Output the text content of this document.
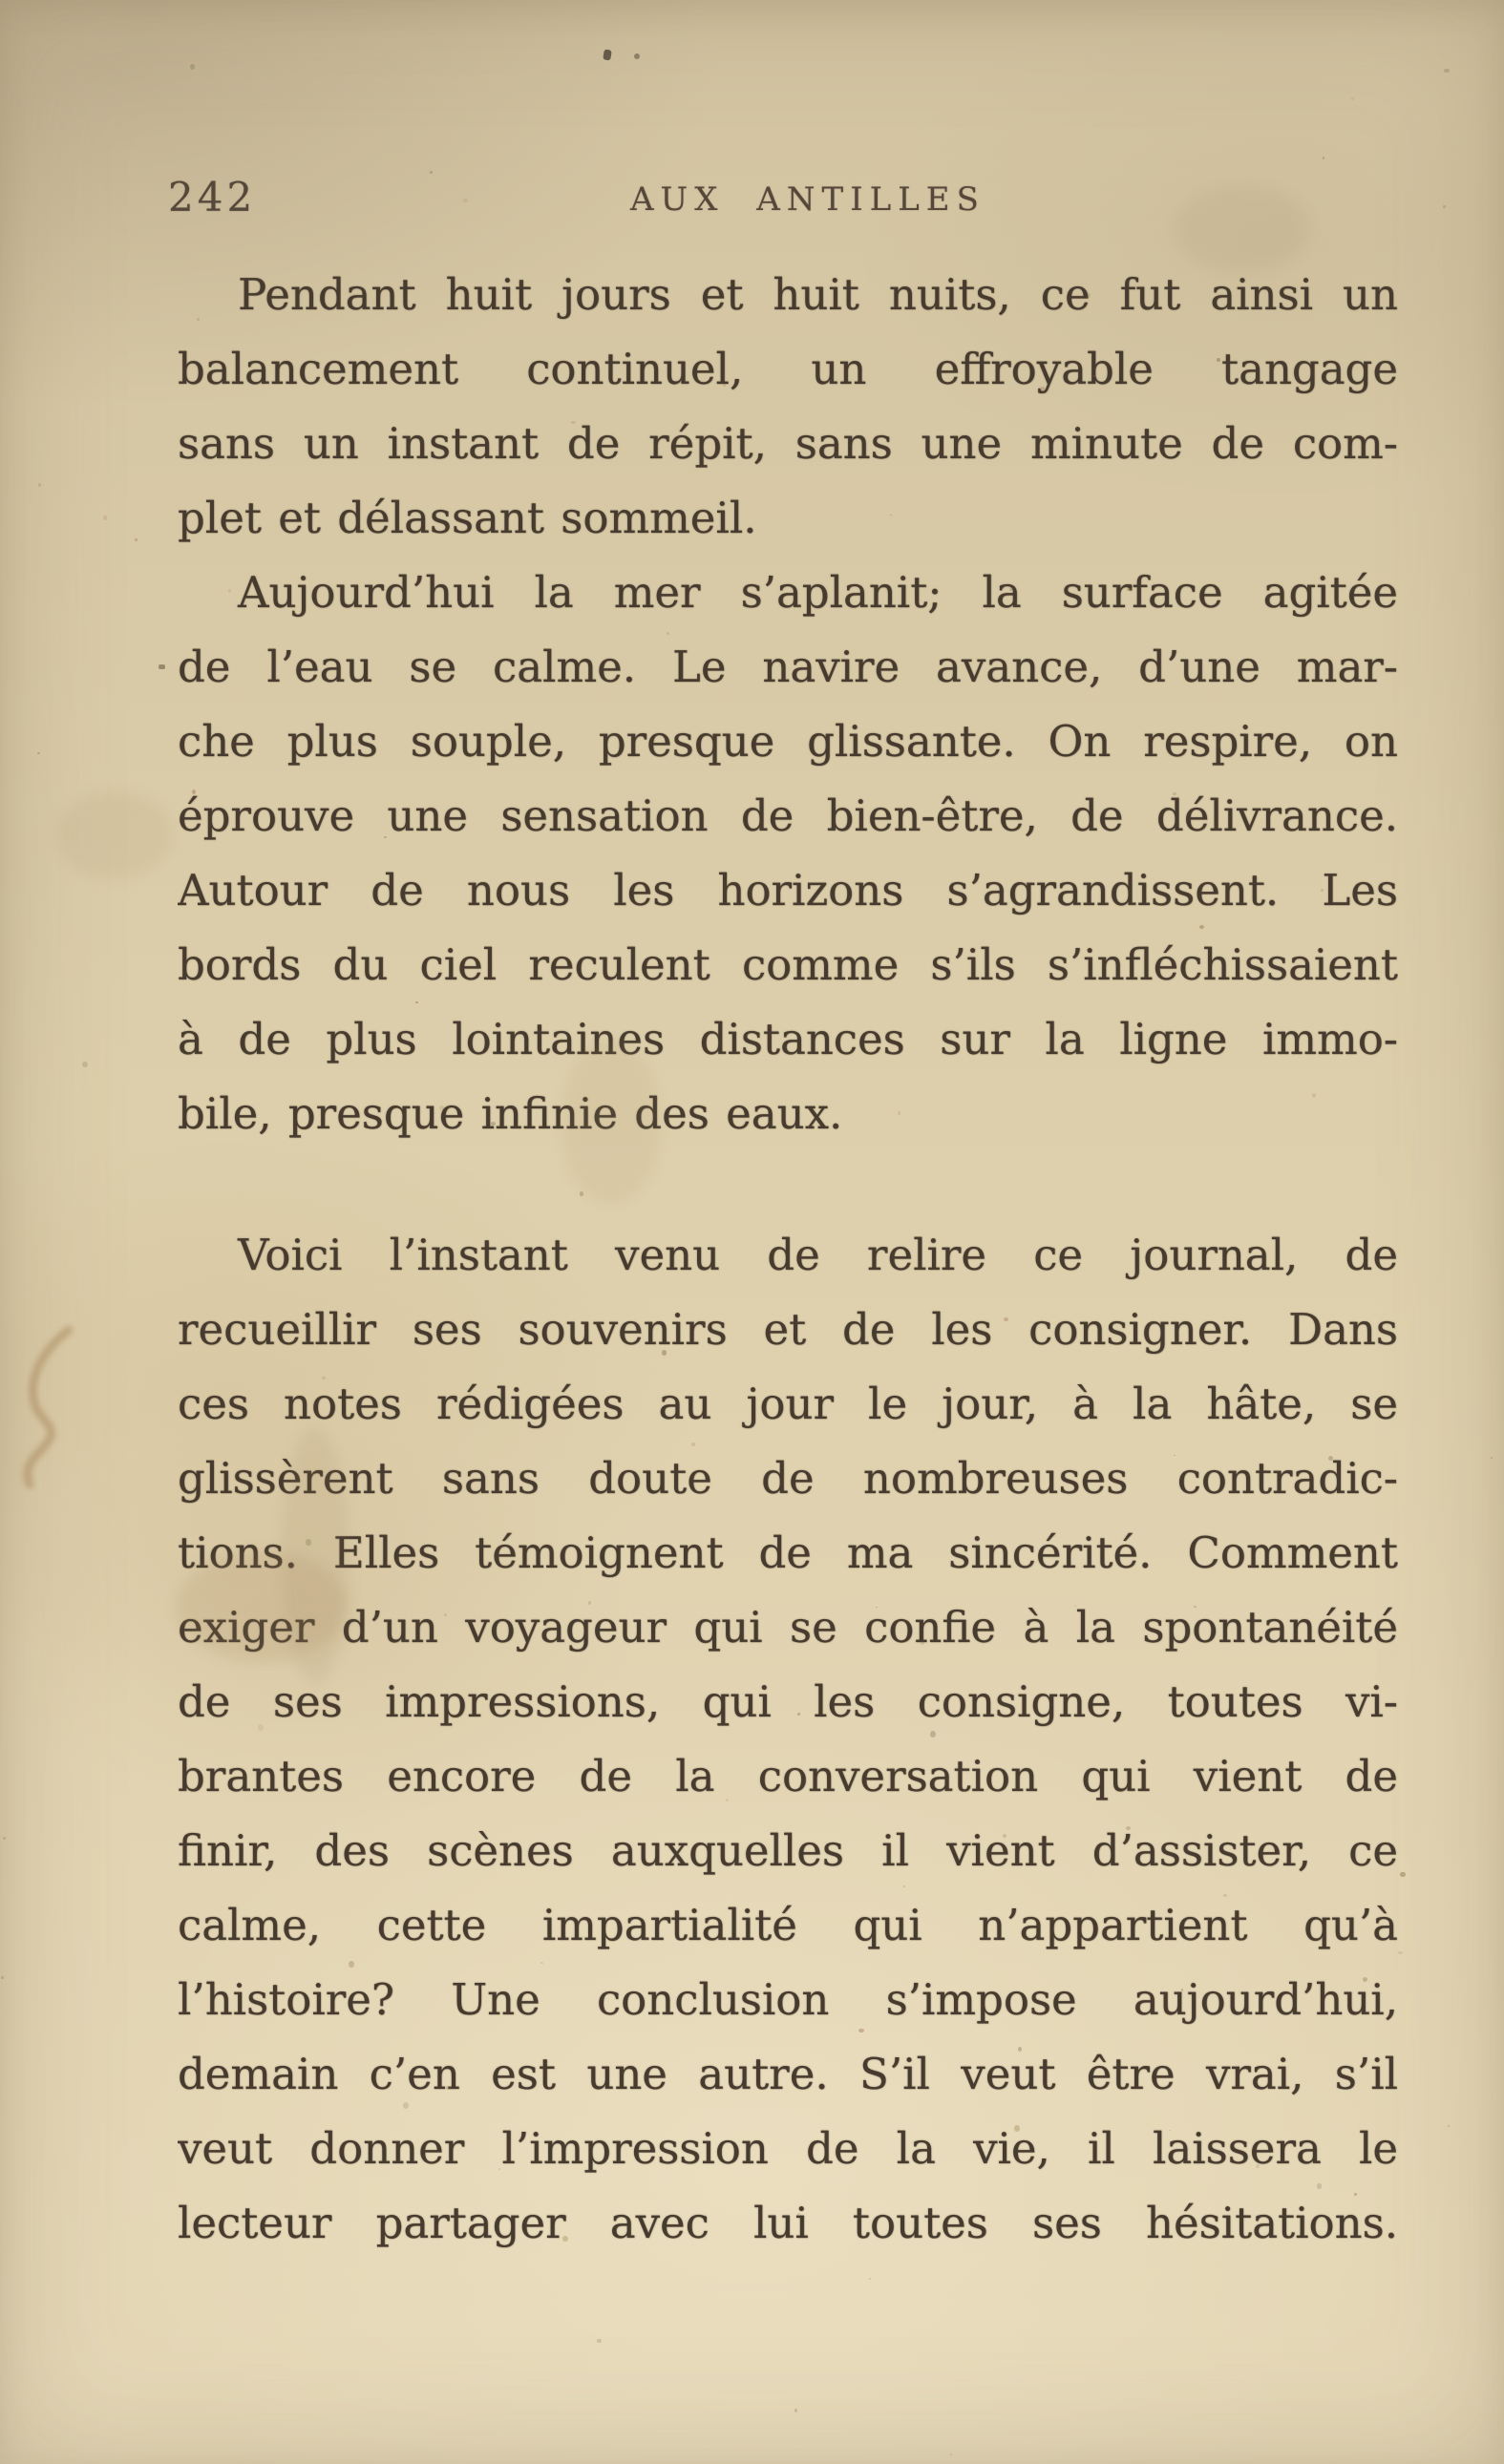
242	AUX ANTILLES
Pendant huit jours et huit nuits, ce fut ainsi un
balancement continuel, un effroyable tangage
sans un instant de répit, sans une minute de com-
plet et délassant sommeil.
Aujourd’hui la mer s’aplanit; la surface agitée
de l’eau se calme. Le navire avance, d’une mar-
che plus souple, presque glissante. On respire, on
éprouve une sensation de bien-être, de délivrance.
Autour de nous les horizons s’agrandissent. Les
bords du ciel reculent comme s’ils s’infléchissaient
à de plus lointaines distances sur la ligne immo-
bile, presque infinie des eaux.
Voici l’instant venu de relire ce journal, de
recueillir ses souvenirs et de les consigner. Dans
ces notes rédigées au jour le jour, à la hâte, se
glissèrent sans doute de nombreuses contradic-
tions. Elles témoignent de ma sincérité. Comment
exiger d’un voyageur qui se confie à la spontanéité
de ses impressions, qui les consigne, toutes vi-
brantes encore de la conversation qui vient de
finir, des scènes auxquelles il vient d’assister, ce
calme, cette impartialité qui n’appartient qu’à
l’histoire? Une conclusion s’impose aujourd’hui,
demain c’en est une autre. S’il veut être vrai, s’il
veut donner l’impression de la vie, il laissera le
lecteur partager avec lui toutes ses hésitations.
